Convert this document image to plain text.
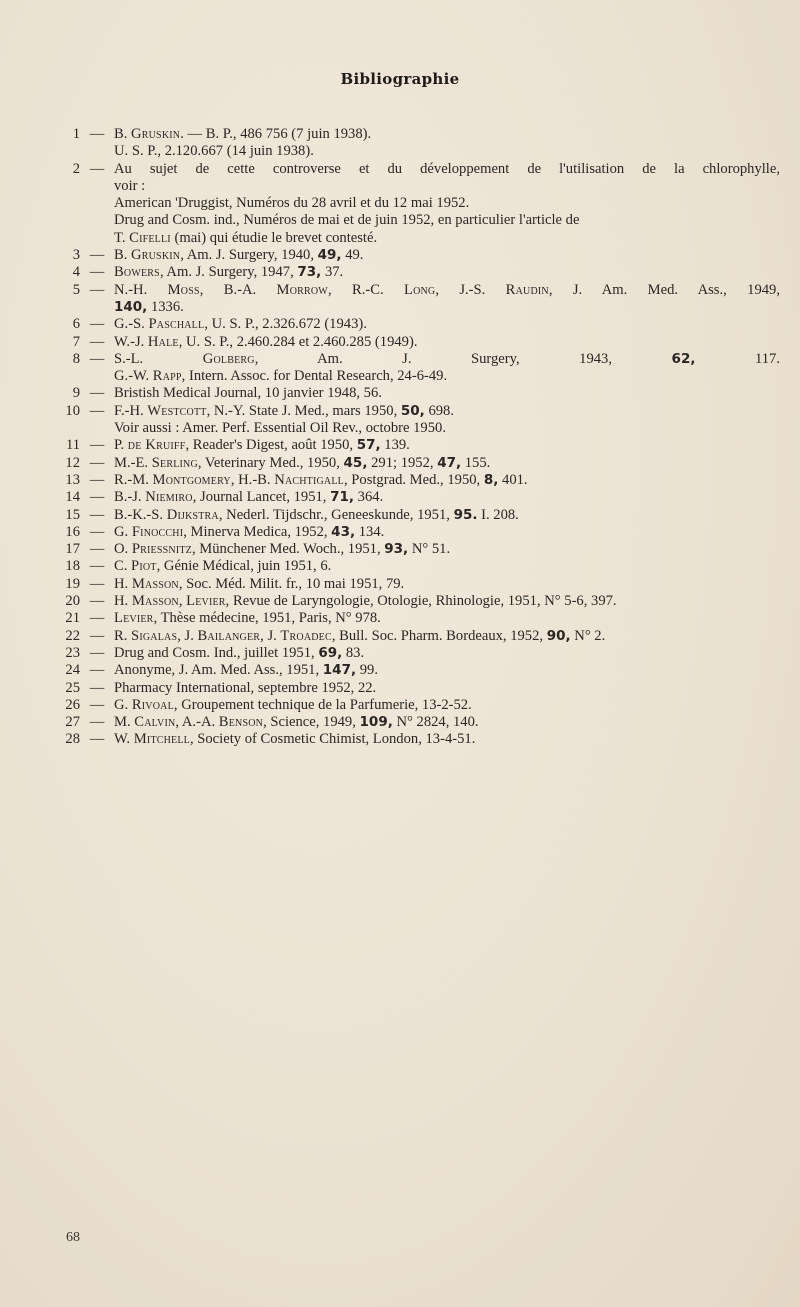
Bibliographie
1 — B. Gruskin. — B. P., 486 756 (7 juin 1938).
U. S. P., 2.120.667 (14 juin 1938).
2 — Au sujet de cette controverse et du développement de l'utilisation de la chlorophylle,
voir :
American 'Druggist, Numéros du 28 avril et du 12 mai 1952.
Drug and Cosm. ind., Numéros de mai et de juin 1952, en particulier l'article de
T. Cifelli (mai) qui étudie le brevet contesté.
3 — B. Gruskin, Am. J. Surgery, 1940, 49, 49.
4 — Bowers, Am. J. Surgery, 1947, 73, 37.
5 — N.-H. Moss, B.-A. Morrow, R.-C. Long, J.-S. Raudin, J. Am. Med. Ass., 1949,
140, 1336.
6 — G.-S. Paschall, U. S. P., 2.326.672 (1943).
7 — W.-J. Hale, U. S. P., 2.460.284 et 2.460.285 (1949).
8 — S.-L. Golberg, Am. J. Surgery, 1943, 62, 117.
G.-W. Rapp, Intern. Assoc. for Dental Research, 24-6-49.
9 — Bristish Medical Journal, 10 janvier 1948, 56.
10 — F.-H. Westcott, N.-Y. State J. Med., mars 1950, 50, 698.
Voir aussi : Amer. Perf. Essential Oil Rev., octobre 1950.
11 — P. de Kruiff, Reader's Digest, août 1950, 57, 139.
12 — M.-E. Serling, Veterinary Med., 1950, 45, 291; 1952, 47, 155.
13 — R.-M. Montgomery, H.-B. Nachtigall, Postgrad. Med., 1950, 8, 401.
14 — B.-J. Niemiro, Journal Lancet, 1951, 71, 364.
15 — B.-K.-S. Dijkstra, Nederl. Tijdschr., Geneeskunde, 1951, 95. I. 208.
16 — G. Finocchi, Minerva Medica, 1952, 43, 134.
17 — O. Priessnitz, Münchener Med. Woch., 1951, 93, N° 51.
18 — C. Piot, Génie Médical, juin 1951, 6.
19 — H. Masson, Soc. Méd. Milit. fr., 10 mai 1951, 79.
20 — H. Masson, Levier, Revue de Laryngologie, Otologie, Rhinologie, 1951, N° 5-6, 397.
21 — Levier, Thèse médecine, 1951, Paris, N° 978.
22 — R. Sigalas, J. Bailanger, J. Troadec, Bull. Soc. Pharm. Bordeaux, 1952, 90, N° 2.
23 — Drug and Cosm. Ind., juillet 1951, 69, 83.
24 — Anonyme, J. Am. Med. Ass., 1951, 147, 99.
25 — Pharmacy International, septembre 1952, 22.
26 — G. Rivoal, Groupement technique de la Parfumerie, 13-2-52.
27 — M. Calvin, A.-A. Benson, Science, 1949, 109, N° 2824, 140.
28 — W. Mitchell, Society of Cosmetic Chimist, London, 13-4-51.
68
